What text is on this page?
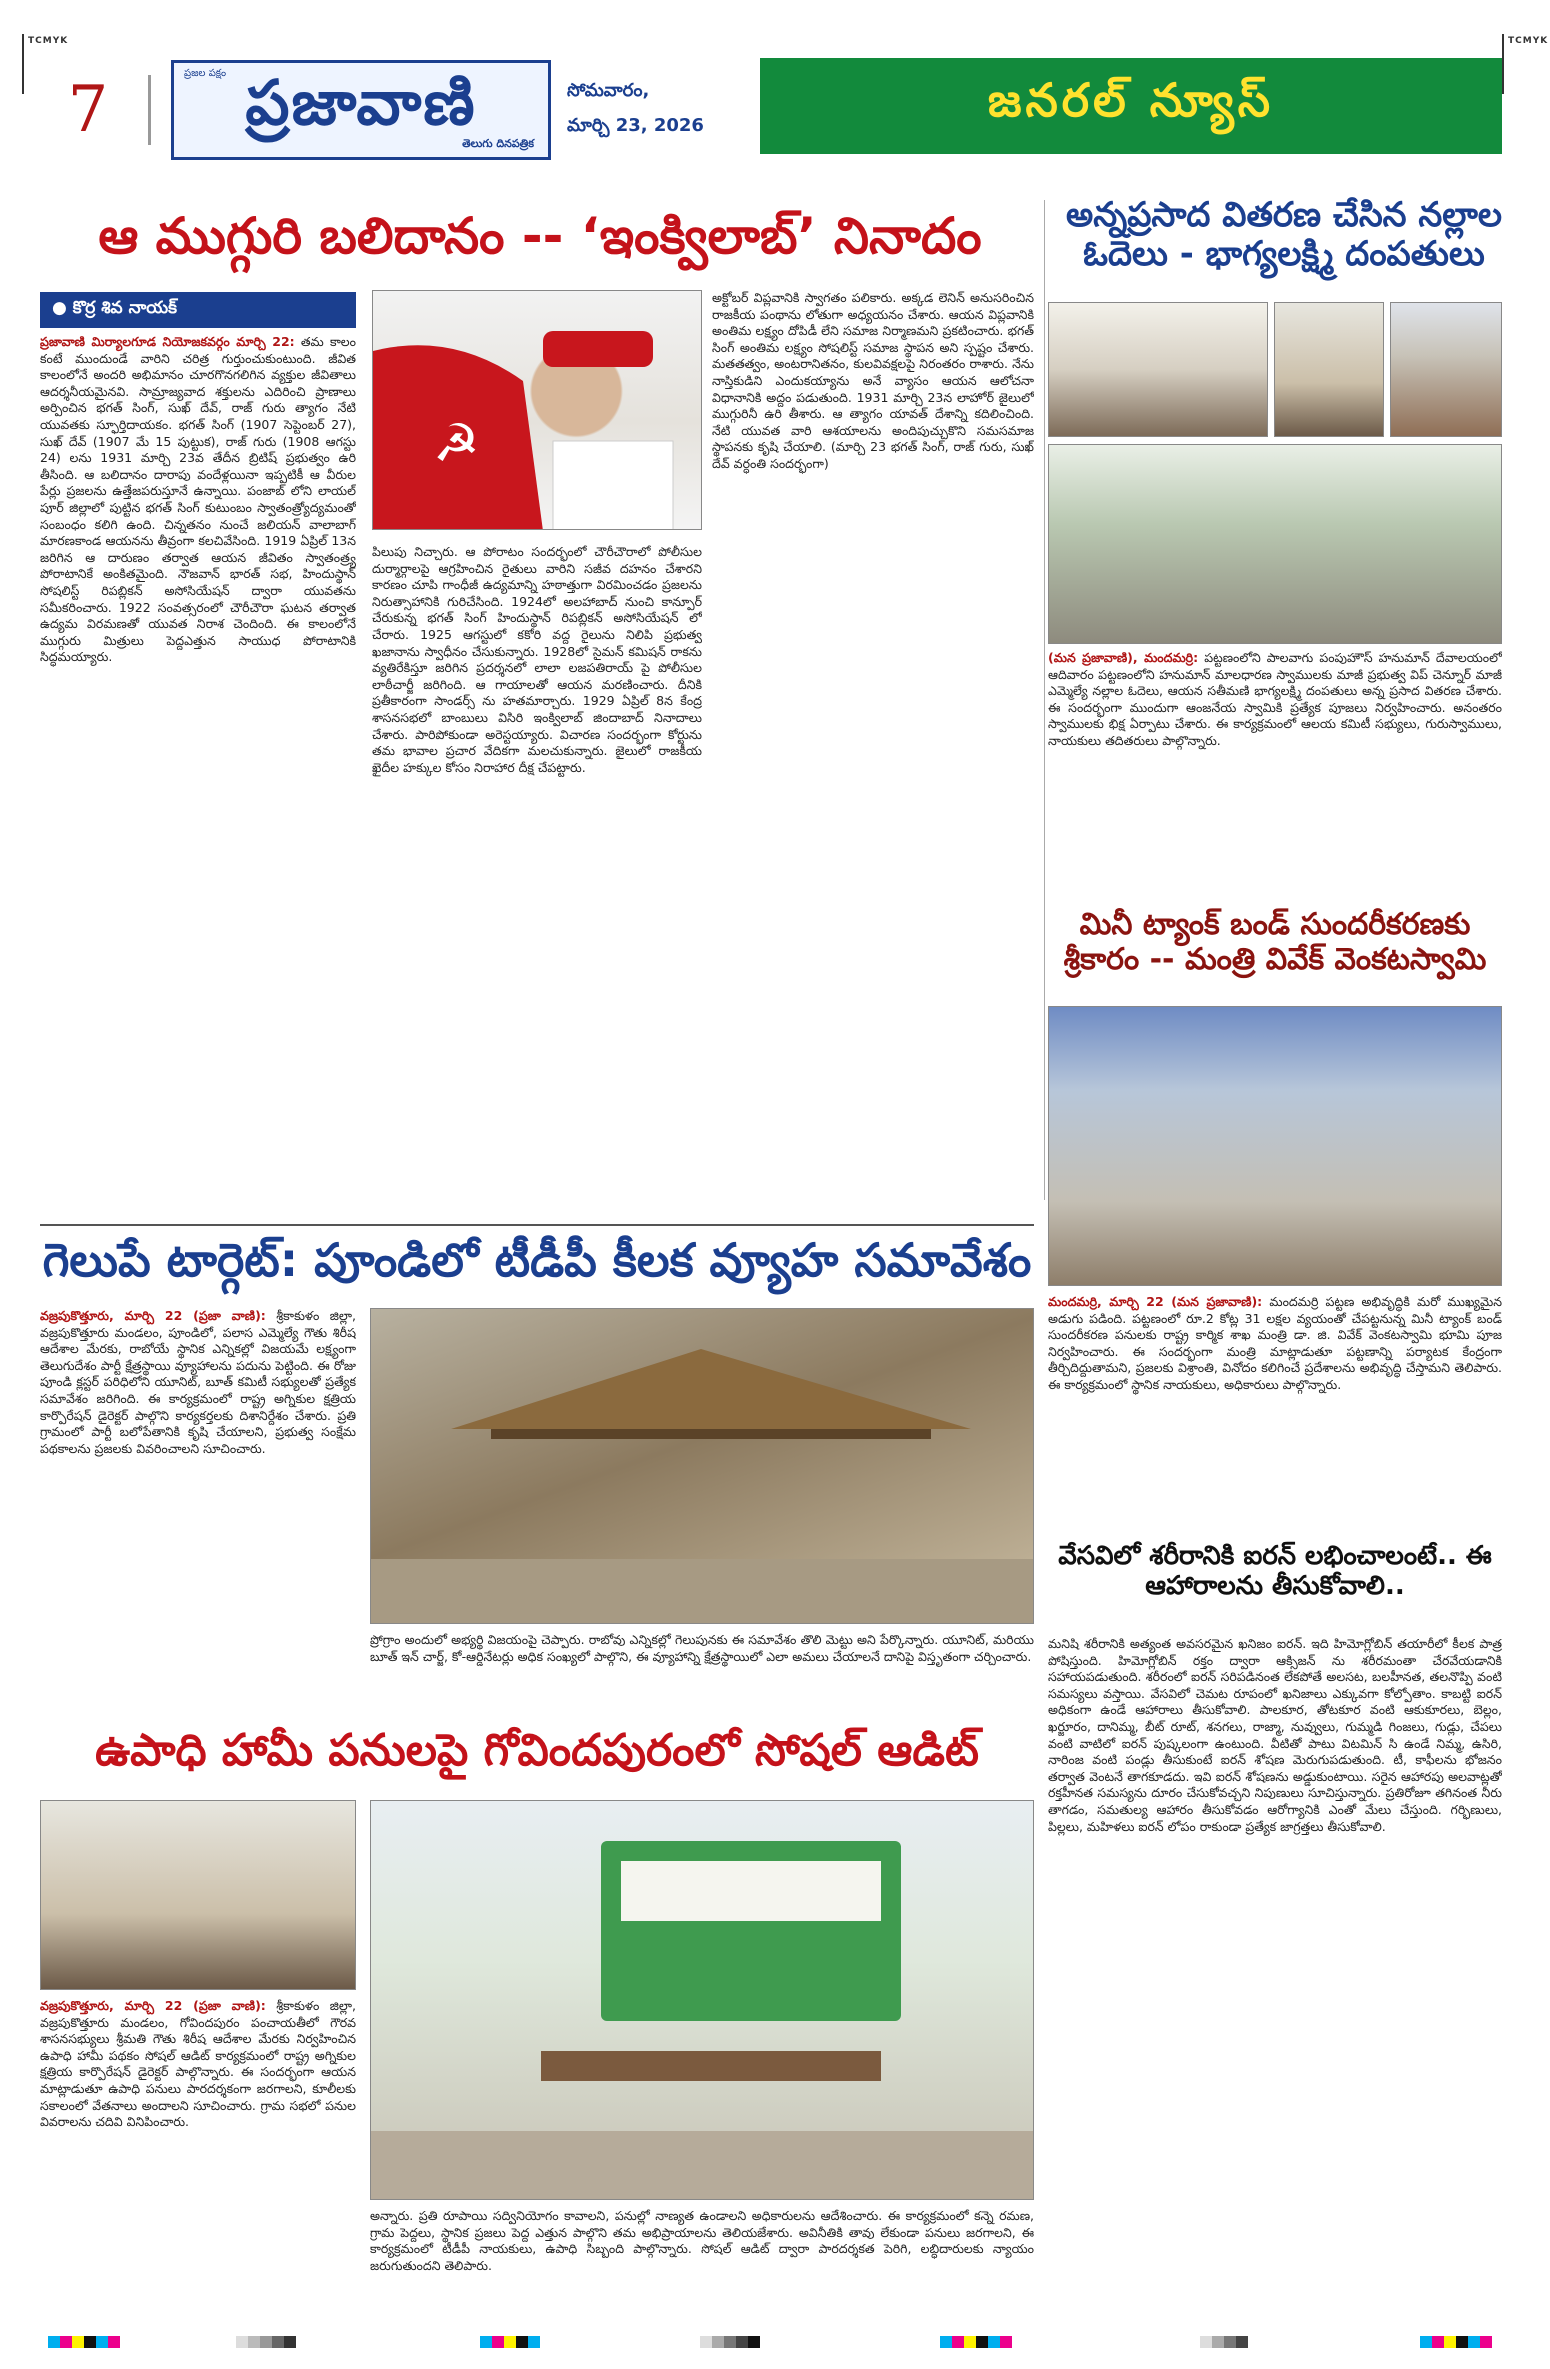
TCMYK	TCMYK
7	ప్రజల పక్షం ప్రజావాణి
తెలుగు దినపత్రిక
సోమవారం,
మార్చి 23, 2026	జనరల్ న్యూస్
ఆ ముగ్గురి బలిదానం -- ‘ఇంక్విలాబ్’ నినాదం
● కొర్ర శివ నాయక్
☭
ప్రజావాణి మిర్యాలగూడ నియోజకవర్గం మార్చి 22: తమ కాలం కంటే ముందుండే వారిని చరిత్ర గుర్తుంచుకుంటుంది. జీవిత కాలంలోనే అందరి అభిమానం చూరగొనగలిగిన వ్యక్తుల జీవితాలు ఆదర్శనీయమైనవి. సామ్రాజ్యవాద శక్తులను ఎదిరించి ప్రాణాలు అర్పించిన భగత్ సింగ్, సుఖ్ దేవ్, రాజ్ గురు త్యాగం నేటి యువతకు స్ఫూర్తిదాయకం. భగత్ సింగ్ (1907 సెప్టెంబర్ 27), సుఖ్ దేవ్ (1907 మే 15 పుట్టుక), రాజ్ గురు (1908 ఆగస్టు 24) లను 1931 మార్చి 23వ తేదీన బ్రిటిష్ ప్రభుత్వం ఉరి తీసింది. ఆ బలిదానం దారాపు వందేళ్లయినా ఇప్పటికీ ఆ వీరుల పేర్లు ప్రజలను ఉత్తేజపరుస్తూనే ఉన్నాయి. పంజాబ్ లోని లాయల్ పూర్ జిల్లాలో పుట్టిన భగత్ సింగ్ కుటుంబం స్వాతంత్ర్యోద్యమంతో సంబంధం కలిగి ఉంది. చిన్నతనం నుంచే జలియన్ వాలాబాగ్ మారణకాండ ఆయనను తీవ్రంగా కలచివేసింది. 1919 ఏప్రిల్ 13న జరిగిన ఆ దారుణం తర్వాత ఆయన జీవితం స్వాతంత్ర్య పోరాటానికే అంకితమైంది. నౌజవాన్ భారత్ సభ, హిందుస్థాన్ సోషలిస్ట్ రిపబ్లికన్ అసోసియేషన్ ద్వారా యువతను సమీకరించారు. 1922 సంవత్సరంలో చౌరీచౌరా ఘటన తర్వాత ఉద్యమ విరమణతో యువత నిరాశ చెందింది. ఈ కాలంలోనే ముగ్గురు మిత్రులు పెద్దఎత్తున సాయుధ పోరాటానికి సిద్ధమయ్యారు.
పిలుపు నిచ్చారు. ఆ పోరాటం సందర్భంలో చౌరీచౌరాలో పోలీసుల దుర్మార్గాలపై ఆగ్రహించిన రైతులు వారిని సజీవ దహనం చేశారని కారణం చూపి గాంధీజీ ఉద్యమాన్ని హఠాత్తుగా విరమించడం ప్రజలను నిరుత్సాహానికి గురిచేసింది. 1924లో అలహాబాద్ నుంచి కాన్పూర్ చేరుకున్న భగత్ సింగ్ హిందుస్థాన్ రిపబ్లికన్ అసోసియేషన్ లో చేరారు. 1925 ఆగస్టులో కకోరి వద్ద రైలును నిలిపి ప్రభుత్వ ఖజానాను స్వాధీనం చేసుకున్నారు. 1928లో సైమన్ కమిషన్ రాకను వ్యతిరేకిస్తూ జరిగిన ప్రదర్శనలో లాలా లజపతిరాయ్ పై పోలీసుల లాఠీచార్జీ జరిగింది. ఆ గాయాలతో ఆయన మరణించారు. దీనికి ప్రతీకారంగా సాండర్స్ ను హతమార్చారు. 1929 ఏప్రిల్ 8న కేంద్ర శాసనసభలో బాంబులు విసిరి ఇంక్విలాబ్ జిందాబాద్ నినాదాలు చేశారు. పారిపోకుండా అరెస్టయ్యారు. విచారణ సందర్భంగా కోర్టును తమ భావాల ప్రచార వేదికగా మలచుకున్నారు. జైలులో రాజకీయ ఖైదీల హక్కుల కోసం నిరాహార దీక్ష చేపట్టారు.
అక్టోబర్ విప్లవానికి స్వాగతం పలికారు. అక్కడ లెనిన్ అనుసరించిన రాజకీయ పంథాను లోతుగా అధ్యయనం చేశారు. ఆయన విప్లవానికి అంతిమ లక్ష్యం దోపిడీ లేని సమాజ నిర్మాణమని ప్రకటించారు. భగత్ సింగ్ అంతిమ లక్ష్యం సోషలిస్ట్ సమాజ స్థాపన అని స్పష్టం చేశారు. మతతత్వం, అంటరానితనం, కులవివక్షలపై నిరంతరం రాశారు. నేను నాస్తికుడిని ఎందుకయ్యాను అనే వ్యాసం ఆయన ఆలోచనా విధానానికి అద్దం పడుతుంది. 1931 మార్చి 23న లాహోర్ జైలులో ముగ్గురినీ ఉరి తీశారు. ఆ త్యాగం యావత్ దేశాన్ని కదిలించింది. నేటి యువత వారి ఆశయాలను అందిపుచ్చుకొని సమసమాజ స్థాపనకు కృషి చేయాలి. (మార్చి 23 భగత్ సింగ్, రాజ్ గురు, సుఖ్ దేవ్ వర్ధంతి సందర్భంగా)
అన్నప్రసాద వితరణ చేసిన నల్లాల ఓదెలు - భాగ్యలక్ష్మి దంపతులు
(మన ప్రజావాణి), మందమర్రి: పట్టణంలోని పాలవాగు పంపుహౌస్ హనుమాన్ దేవాలయంలో ఆదివారం పట్టణంలోని హనుమాన్ మాలధారణ స్వాములకు మాజీ ప్రభుత్వ విప్ చెన్నూర్ మాజీ ఎమ్మెల్యే నల్లాల ఓదెలు, ఆయన సతీమణి భాగ్యలక్ష్మి దంపతులు అన్న ప్రసాద వితరణ చేశారు. ఈ సందర్భంగా ముందుగా ఆంజనేయ స్వామికి ప్రత్యేక పూజలు నిర్వహించారు. అనంతరం స్వాములకు భిక్ష ఏర్పాటు చేశారు. ఈ కార్యక్రమంలో ఆలయ కమిటీ సభ్యులు, గురుస్వాములు, నాయకులు తదితరులు పాల్గొన్నారు.
మినీ ట్యాంక్ బండ్ సుందరీకరణకు శ్రీకారం -- మంత్రి వివేక్ వెంకటస్వామి
మందమర్రి, మార్చి 22 (మన ప్రజావాణి): మందమర్రి పట్టణ అభివృద్ధికి మరో ముఖ్యమైన అడుగు పడింది. పట్టణంలో రూ.2 కోట్ల 31 లక్షల వ్యయంతో చేపట్టనున్న మినీ ట్యాంక్ బండ్ సుందరీకరణ పనులకు రాష్ట్ర కార్మిక శాఖ మంత్రి డా. జి. వివేక్ వెంకటస్వామి భూమి పూజ నిర్వహించారు. ఈ సందర్భంగా మంత్రి మాట్లాడుతూ పట్టణాన్ని పర్యాటక కేంద్రంగా తీర్చిదిద్దుతామని, ప్రజలకు విశ్రాంతి, వినోదం కలిగించే ప్రదేశాలను అభివృద్ధి చేస్తామని తెలిపారు. ఈ కార్యక్రమంలో స్థానిక నాయకులు, అధికారులు పాల్గొన్నారు.
వేసవిలో శరీరానికి ఐరన్ లభించాలంటే.. ఈ ఆహారాలను తీసుకోవాలి..
మనిషి శరీరానికి అత్యంత అవసరమైన ఖనిజం ఐరన్. ఇది హిమోగ్లోబిన్ తయారీలో కీలక పాత్ర పోషిస్తుంది. హిమోగ్లోబిన్ రక్తం ద్వారా ఆక్సిజన్ ను శరీరమంతా చేరవేయడానికి సహాయపడుతుంది. శరీరంలో ఐరన్ సరిపడినంత లేకపోతే అలసట, బలహీనత, తలనొప్పి వంటి సమస్యలు వస్తాయి. వేసవిలో చెమట రూపంలో ఖనిజాలు ఎక్కువగా కోల్పోతాం. కాబట్టి ఐరన్ అధికంగా ఉండే ఆహారాలు తీసుకోవాలి. పాలకూర, తోటకూర వంటి ఆకుకూరలు, బెల్లం, ఖర్జూరం, దానిమ్మ, బీట్ రూట్, శనగలు, రాజ్మా, నువ్వులు, గుమ్మడి గింజలు, గుడ్లు, చేపలు వంటి వాటిలో ఐరన్ పుష్కలంగా ఉంటుంది. వీటితో పాటు విటమిన్ సి ఉండే నిమ్మ, ఉసిరి, నారింజ వంటి పండ్లు తీసుకుంటే ఐరన్ శోషణ మెరుగుపడుతుంది. టీ, కాఫీలను భోజనం తర్వాత వెంటనే తాగకూడదు. ఇవి ఐరన్ శోషణను అడ్డుకుంటాయి. సరైన ఆహారపు అలవాట్లతో రక్తహీనత సమస్యను దూరం చేసుకోవచ్చని నిపుణులు సూచిస్తున్నారు. ప్రతిరోజూ తగినంత నీరు తాగడం, సమతుల్య ఆహారం తీసుకోవడం ఆరోగ్యానికి ఎంతో మేలు చేస్తుంది. గర్భిణులు, పిల్లలు, మహిళలు ఐరన్ లోపం రాకుండా ప్రత్యేక జాగ్రత్తలు తీసుకోవాలి.
గెలుపే టార్గెట్: పూండిలో టీడీపీ కీలక వ్యూహ సమావేశం
వజ్రపుకొత్తూరు, మార్చి 22 (ప్రజా వాణి): శ్రీకాకుళం జిల్లా, వజ్రపుకొత్తూరు మండలం, పూండిలో, పలాస ఎమ్మెల్యే గౌతు శిరీష ఆదేశాల మేరకు, రాబోయే స్థానిక ఎన్నికల్లో విజయమే లక్ష్యంగా తెలుగుదేశం పార్టీ క్షేత్రస్థాయి వ్యూహాలను పదును పెట్టింది. ఈ రోజు పూండి క్లస్టర్ పరిధిలోని యూనిట్, బూత్ కమిటీ సభ్యులతో ప్రత్యేక సమావేశం జరిగింది. ఈ కార్యక్రమంలో రాష్ట్ర అగ్నికుల క్షత్రియ కార్పొరేషన్ డైరెక్టర్ పాల్గొని కార్యకర్తలకు దిశానిర్దేశం చేశారు. ప్రతి గ్రామంలో పార్టీ బలోపేతానికి కృషి చేయాలని, ప్రభుత్వ సంక్షేమ పథకాలను ప్రజలకు వివరించాలని సూచించారు.
ప్రోగ్రాం అందులో అభ్యర్థి విజయంపై చెప్పారు. రాబోవు ఎన్నికల్లో గెలుపునకు ఈ సమావేశం తొలి మెట్టు అని పేర్కొన్నారు. యూనిట్, మరియు బూత్ ఇన్ చార్జ్, కో-ఆర్డినేటర్లు అధిక సంఖ్యలో పాల్గొని, ఈ వ్యూహాన్ని క్షేత్రస్థాయిలో ఎలా అమలు చేయాలనే దానిపై విస్తృతంగా చర్చించారు.
ఉపాధి హామీ పనులపై గోవిందపురంలో సోషల్ ఆడిట్
వజ్రపుకొత్తూరు, మార్చి 22 (ప్రజా వాణి): శ్రీకాకుళం జిల్లా, వజ్రపుకొత్తూరు మండలం, గోవిందపురం పంచాయతీలో గౌరవ శాసనసభ్యులు శ్రీమతి గౌతు శిరీష ఆదేశాల మేరకు నిర్వహించిన ఉపాధి హామీ పథకం సోషల్ ఆడిట్ కార్యక్రమంలో రాష్ట్ర అగ్నికుల క్షత్రియ కార్పొరేషన్ డైరెక్టర్ పాల్గొన్నారు. ఈ సందర్భంగా ఆయన మాట్లాడుతూ ఉపాధి పనులు పారదర్శకంగా జరగాలని, కూలీలకు సకాలంలో వేతనాలు అందాలని సూచించారు. గ్రామ సభలో పనుల వివరాలను చదివి వినిపించారు.
అన్నారు. ప్రతి రూపాయి సద్వినియోగం కావాలని, పనుల్లో నాణ్యత ఉండాలని అధికారులను ఆదేశించారు. ఈ కార్యక్రమంలో కన్నె రమణ, గ్రామ పెద్దలు, స్థానిక ప్రజలు పెద్ద ఎత్తున పాల్గొని తమ అభిప్రాయాలను తెలియజేశారు. అవినీతికి తావు లేకుండా పనులు జరగాలని, ఈ కార్యక్రమంలో టీడీపీ నాయకులు, ఉపాధి సిబ్బంది పాల్గొన్నారు. సోషల్ ఆడిట్ ద్వారా పారదర్శకత పెరిగి, లబ్ధిదారులకు న్యాయం జరుగుతుందని తెలిపారు.
